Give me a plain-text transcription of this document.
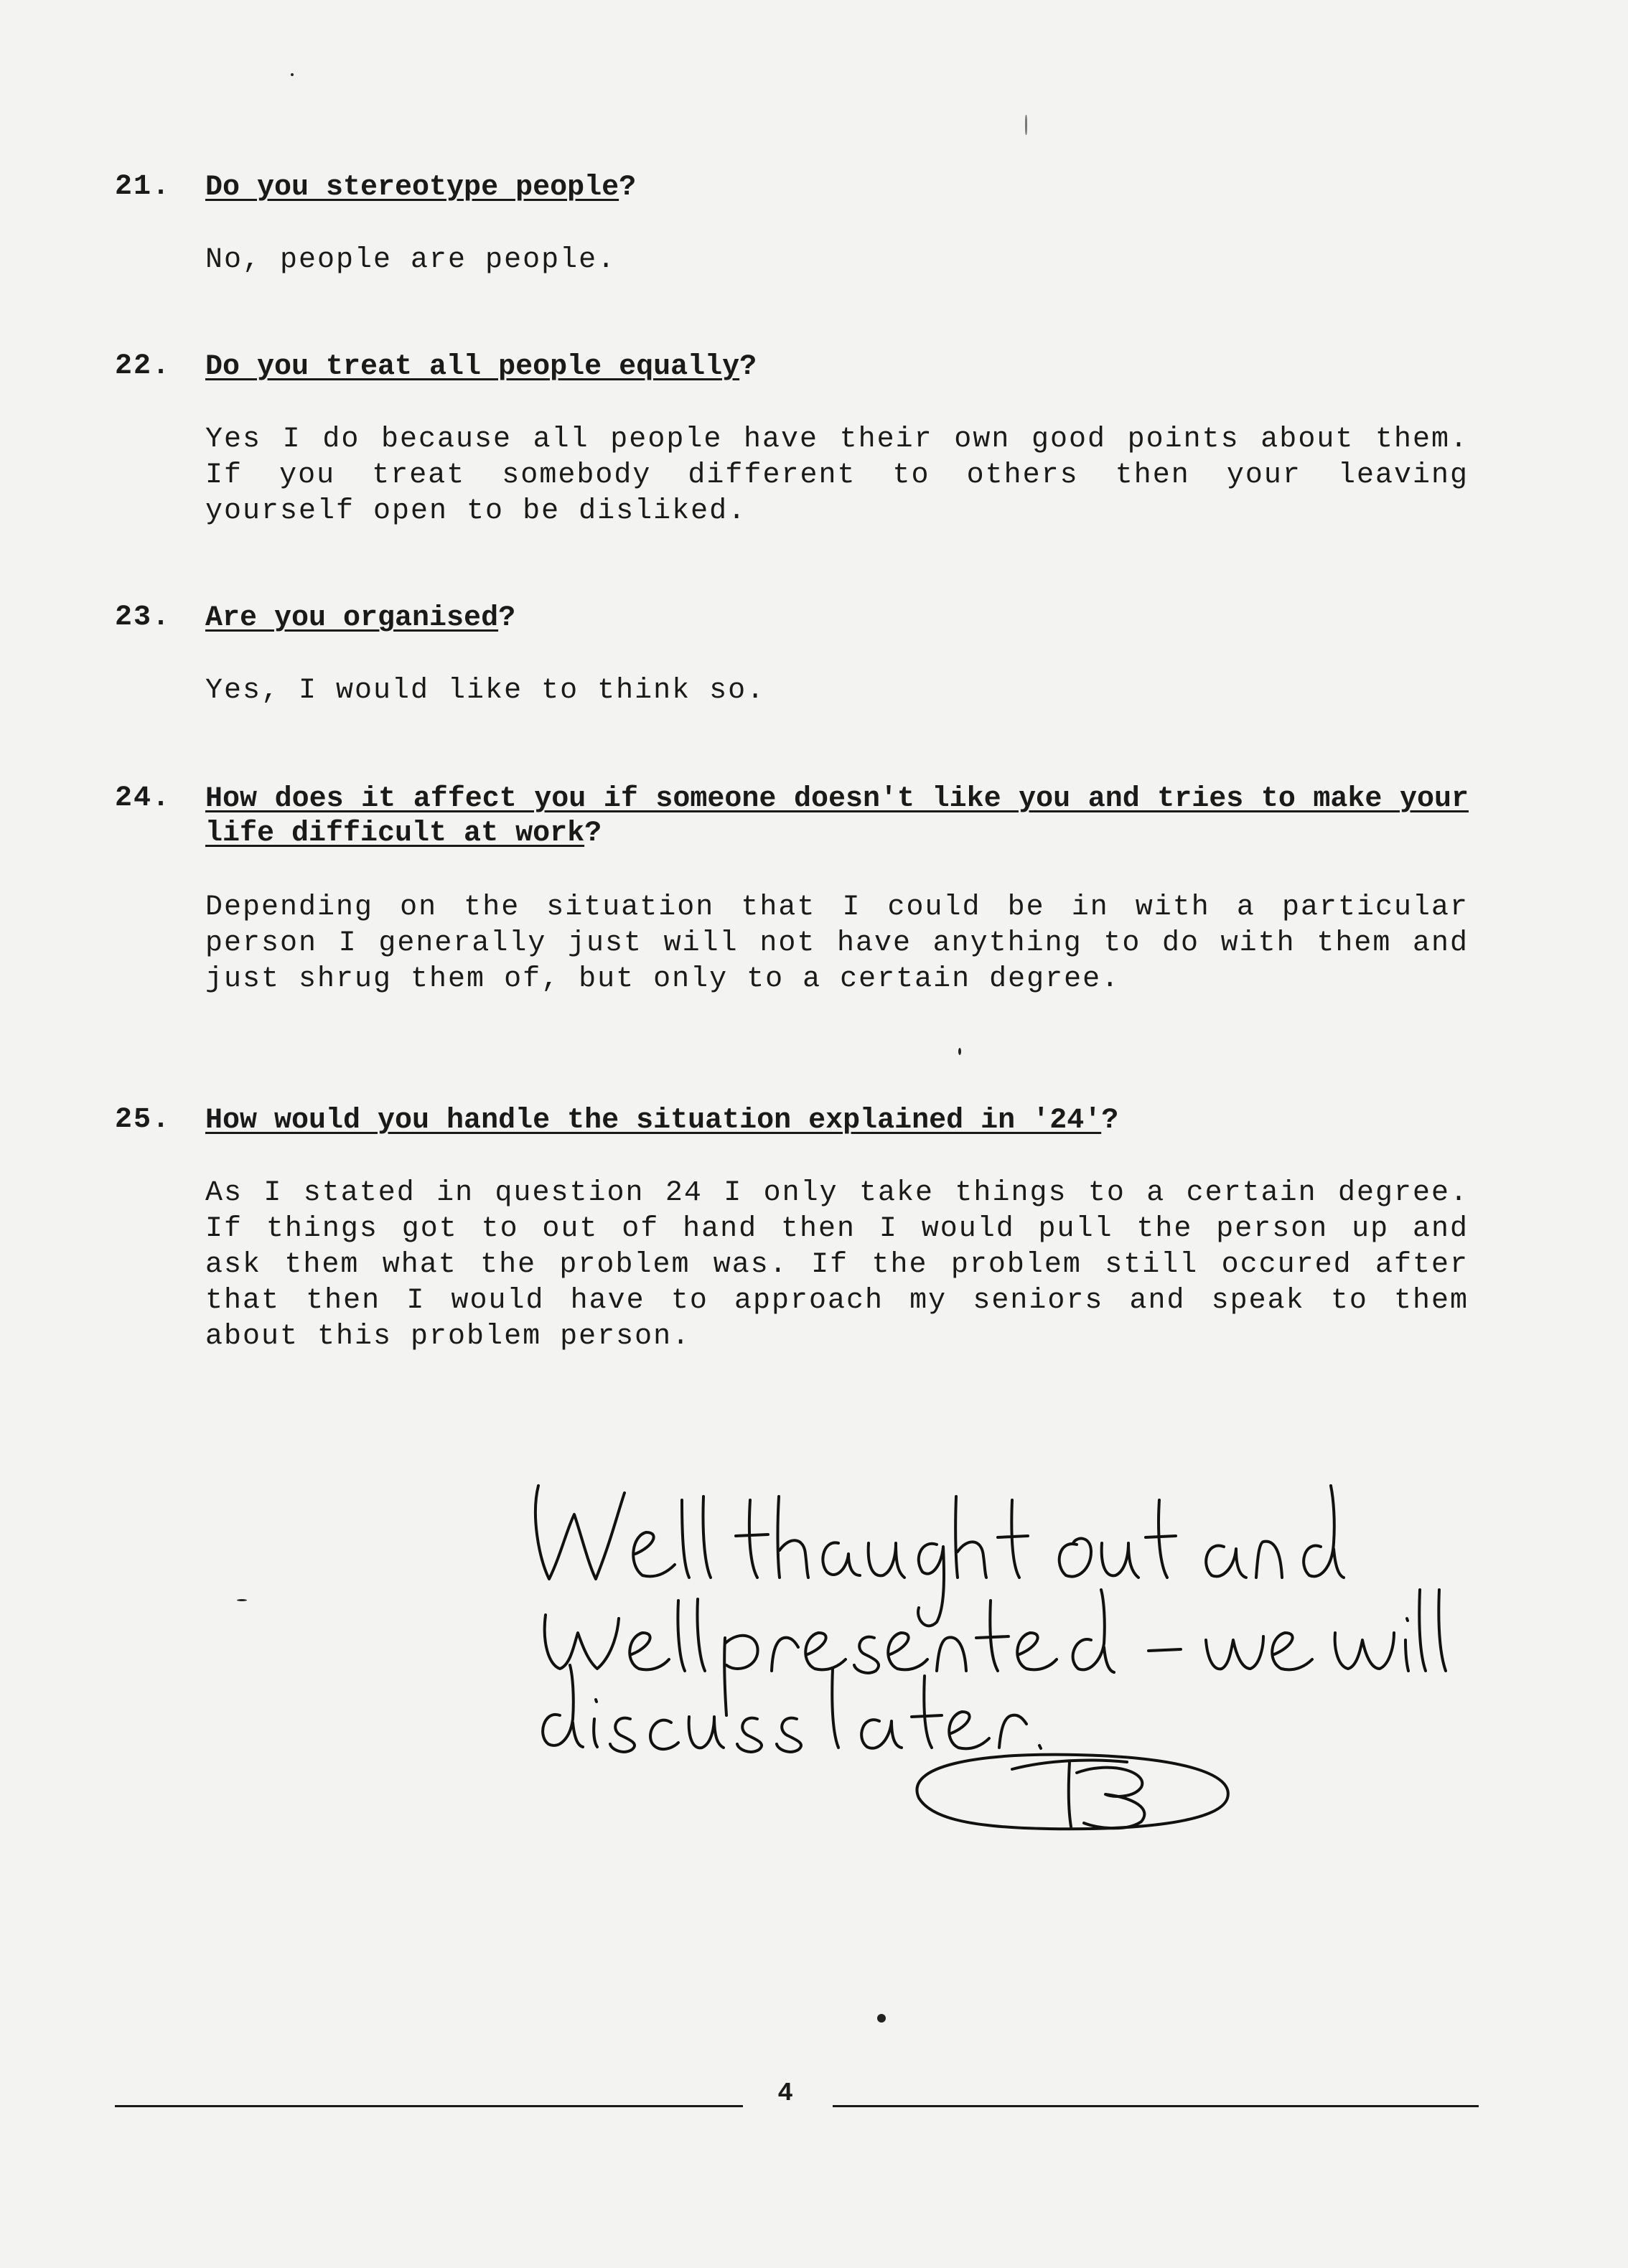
21. Do you stereotype people?
No, people are people.
22. Do you treat all people equally?
Yes I do because all people have their own good points about them. If you treat somebody different to others then your leaving yourself open to be disliked.
23. Are you organised?
Yes, I would like to think so.
24. How does it affect you if someone doesn't like you and tries to make your life difficult at work?
Depending on the situation that I could be in with a particular person I generally just will not have anything to do with them and just shrug them of, but only to a certain degree.
25. How would you handle the situation explained in '24'?
As I stated in question 24 I only take things to a certain degree. If things got to out of hand then I would pull the person up and ask them what the problem was. If the problem still occured after that then I would have to approach my seniors and speak to them about this problem person.
4
